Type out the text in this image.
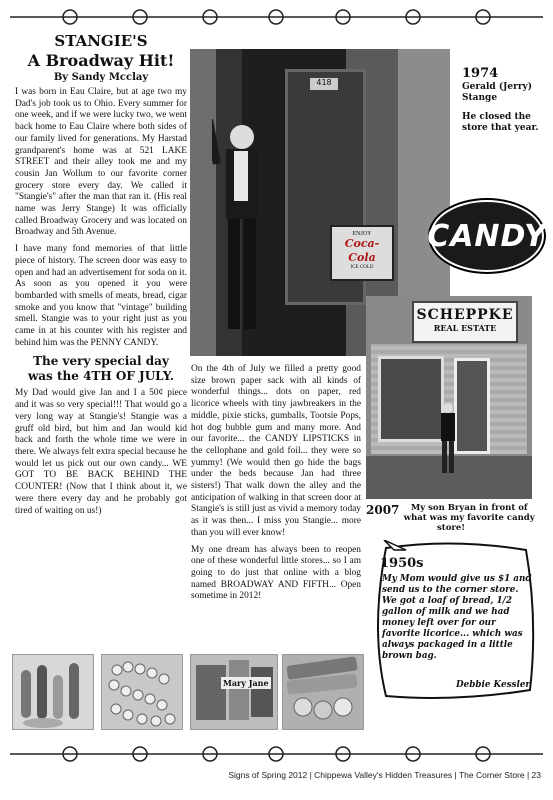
STANGIE'S
A Broadway Hit!
By Sandy Mcclay

I was born in Eau Claire, but at age two my Dad's job took us to Ohio. Every summer for one week, and if we were lucky two, we went back home to Eau Claire where both sides of our family lived for generations. My Harstad grandparent's home was at 521 LAKE STREET and their alley took me and my cousin Jan Wollum to our favorite corner grocery store every day. We called it "Stangie's" after the man that ran it. (His real name was Jerry Stange) It was officially called Broadway Grocery and was located on Broadway and 5th Avenue.

I have many fond memories of that little piece of history. The screen door was easy to open and had an advertisement for soda on it. As soon as you opened it you were bombarded with smells of meats, bread, cigar smoke and you know that "vintage" building smell. Stangie was to your right just as you came in at his counter with his register and behind him was the PENNY CANDY.

The very special day
was the 4TH OF JULY.

My Dad would give Jan and I a 50¢ piece and it was so very special!!! That would go a very long way at Stangie's! Stangie was a gruff old bird, but him and Jan would kid back and forth the whole time we were in there. We always felt extra special because he would let us pick out our own candy... WE GOT TO BE BACK BEHIND THE COUNTER! (Now that I think about it, we were there every day and he probably got tired of waiting on us!)

418
ENJOY
Coca-Cola
ICE COLD
1974
Gerald (Jerry) Stange
He closed the store that year.
CANDY
SCHEPPKE
REAL ESTATE
2007 My son Bryan in front of what was my favorite candy store!

On the 4th of July we filled a pretty good size brown paper sack with all kinds of wonderful things... dots on paper, red licorice wheels with tiny jawbreakers in the middle, pixie sticks, gumballs, Tootsie Pops, hot dog bubble gum and many more. And our favorite... the CANDY LIPSTICKS in the cellophane and gold foil... they were so yummy! (We would then go hide the bags under the beds because Jan had three sisters!) That walk down the alley and the anticipation of walking in that screen door at Stangie's is still just as vivid a memory today as it was then... I miss you Stangie... more than you will ever know!

My one dream has always been to reopen one of these wonderful little stores... so I am going to do just that online with a blog named BROADWAY AND FIFTH... Open sometime in 2012!

1950s
My Mom would give us $1 and send us to the corner store. We got a loaf of bread, 1/2 gallon of milk and we had money left over for our favorite licorice... which was always packaged in a little brown bag.
Debbie Kessler
Mary Jane
Signs of Spring 2012 | Chippewa Valley's Hidden Treasures | The Corner Store | 23
